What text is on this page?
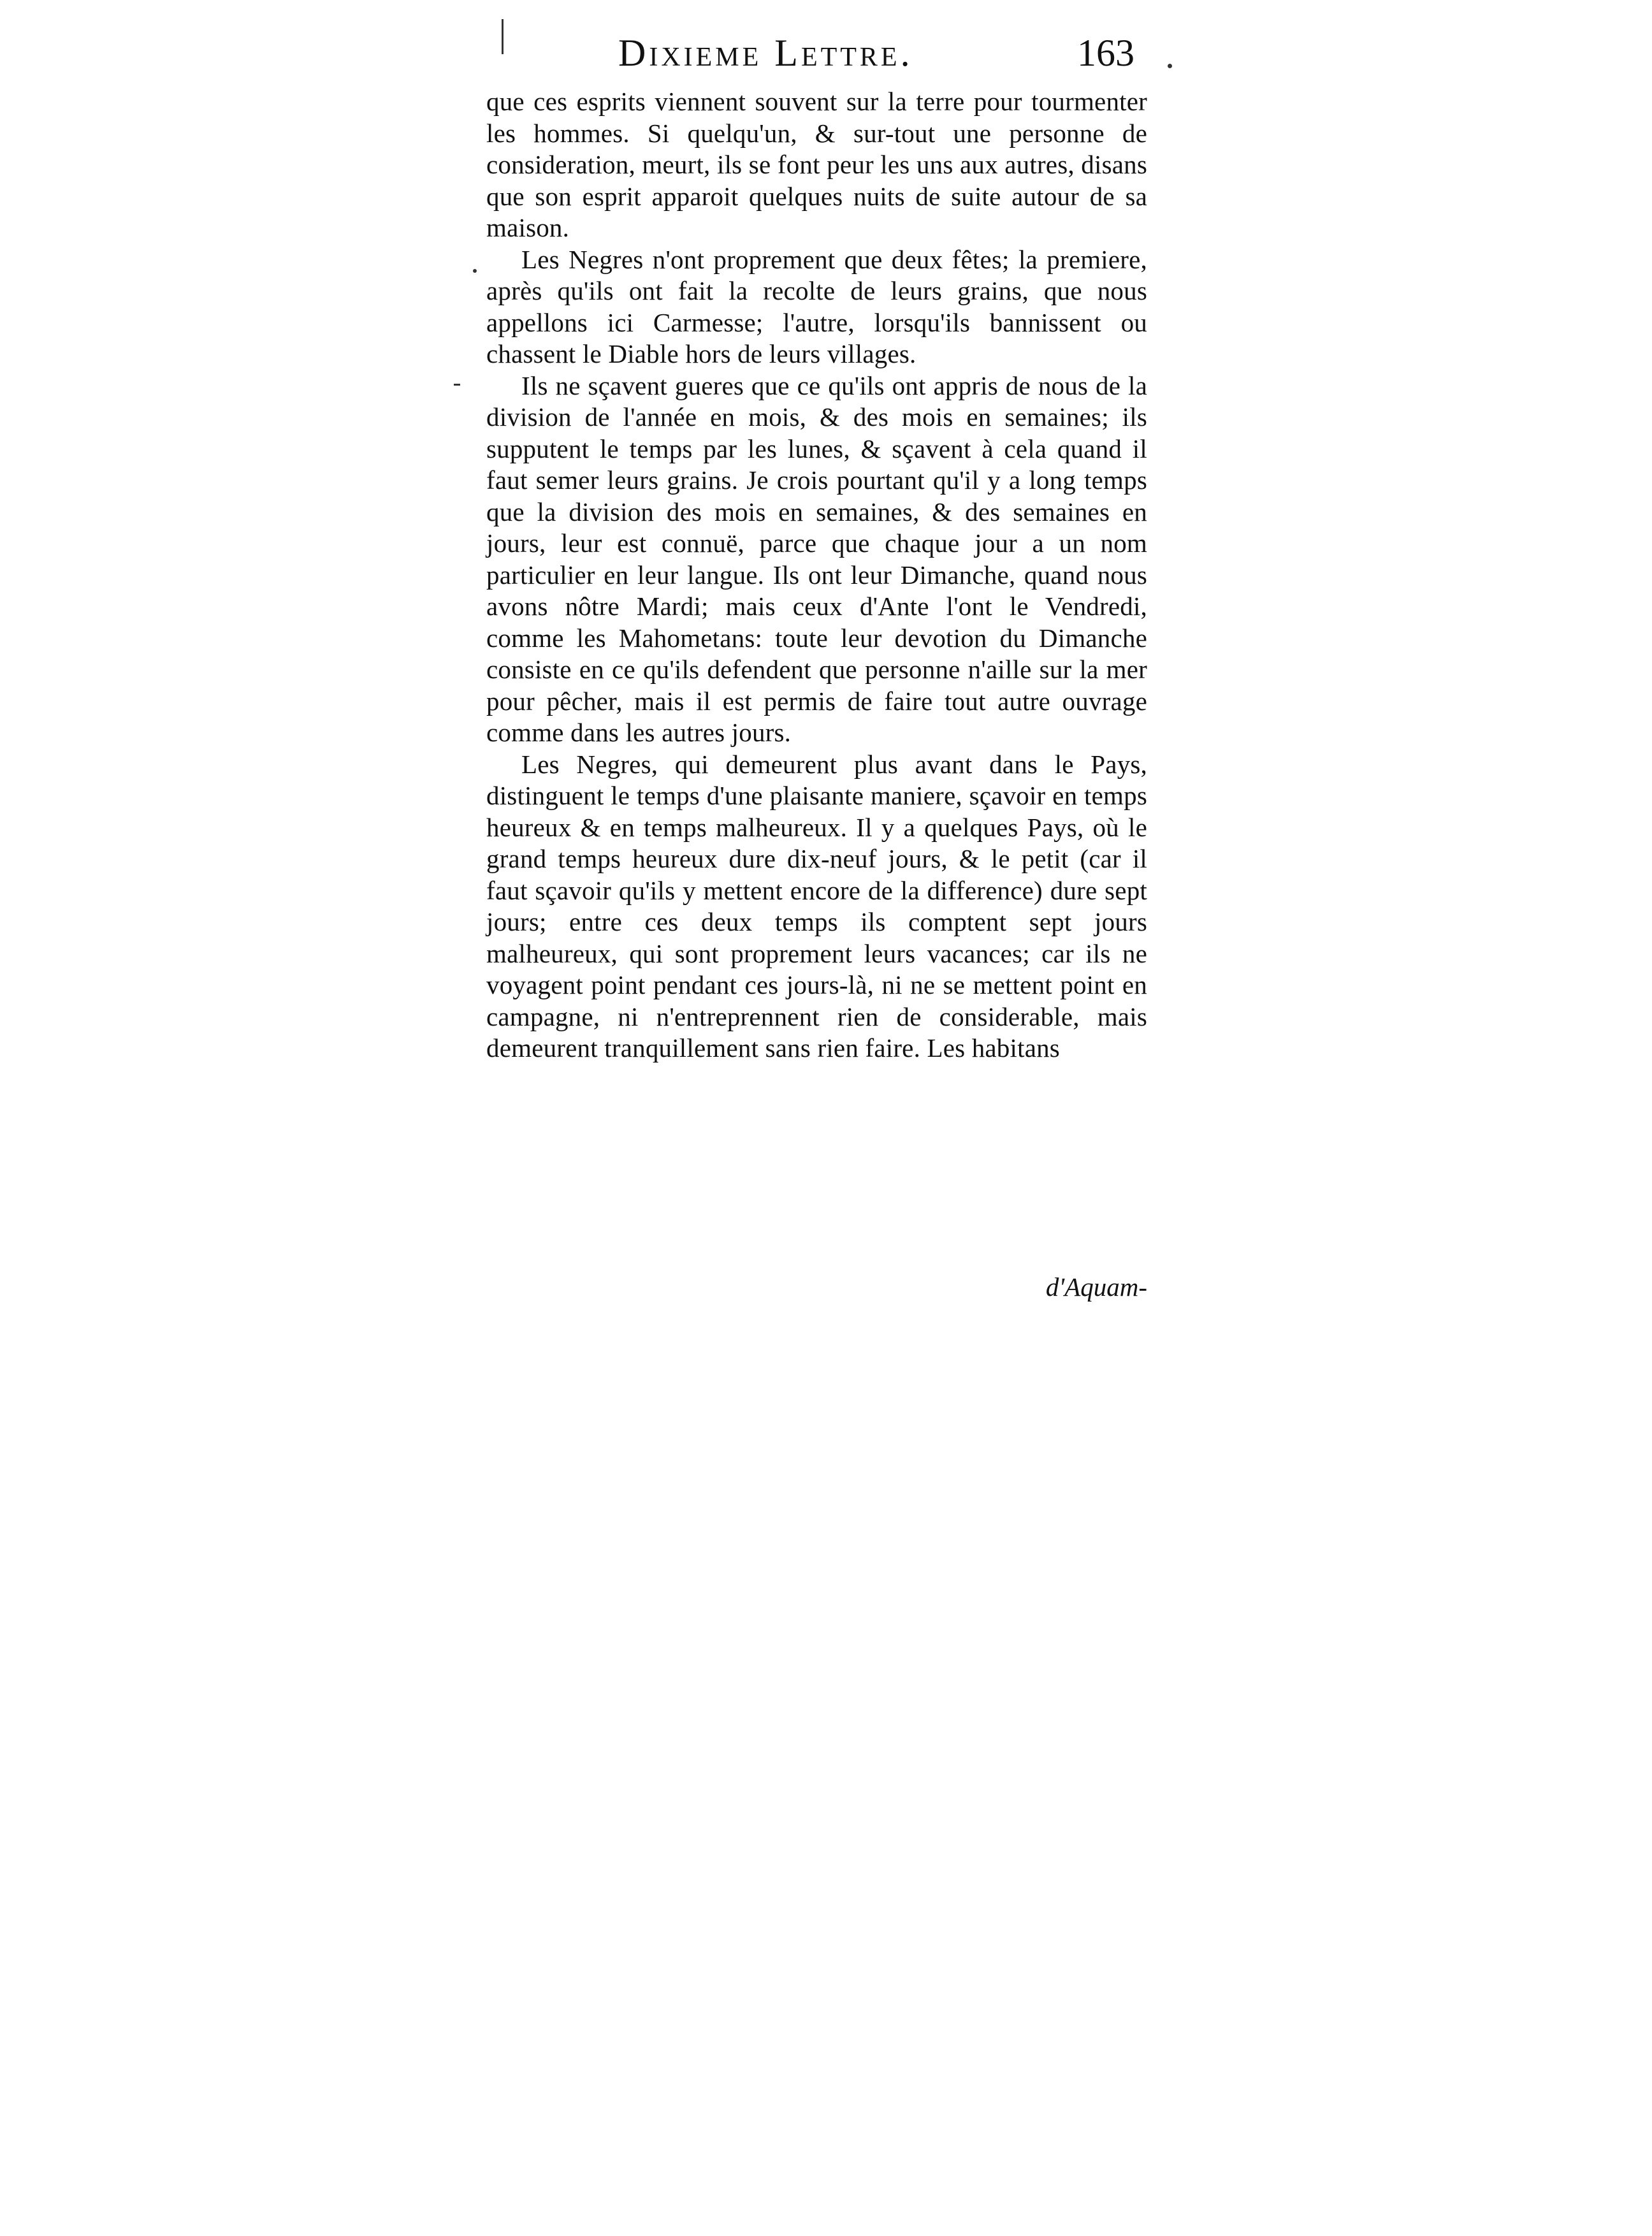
Dixieme Lettre.	163

que ces esprits viennent souvent sur la terre pour tourmenter les hommes. Si quelqu'un, & sur-tout une personne de consideration, meurt, ils se font peur les uns aux autres, disans que son esprit apparoit quelques nuits de suite autour de sa maison.

Les Negres n'ont proprement que deux fêtes; la premiere, après qu'ils ont fait la recolte de leurs grains, que nous appellons ici Carmesse; l'autre, lorsqu'ils bannissent ou chassent le Diable hors de leurs villages.

Ils ne sçavent gueres que ce qu'ils ont appris de nous de la division de l'année en mois, & des mois en semaines; ils supputent le temps par les lunes, & sçavent à cela quand il faut semer leurs grains. Je crois pourtant qu'il y a long temps que la division des mois en semaines, & des semaines en jours, leur est connuë, parce que chaque jour a un nom particulier en leur langue. Ils ont leur Dimanche, quand nous avons nôtre Mardi; mais ceux d'Ante l'ont le Vendredi, comme les Mahometans: toute leur devotion du Dimanche consiste en ce qu'ils defendent que personne n'aille sur la mer pour pêcher, mais il est permis de faire tout autre ouvrage comme dans les autres jours.

Les Negres, qui demeurent plus avant dans le Pays, distinguent le temps d'une plaisante maniere, sçavoir en temps heureux & en temps malheureux. Il y a quelques Pays, où le grand temps heureux dure dix-neuf jours, & le petit (car il faut sçavoir qu'ils y mettent encore de la difference) dure sept jours; entre ces deux temps ils comptent sept jours malheureux, qui sont proprement leurs vacances; car ils ne voyagent point pendant ces jours-là, ni ne se mettent point en campagne, ni n'entreprennent rien de considerable, mais demeurent tranquillement sans rien faire. Les habitans

d'Aquam-
